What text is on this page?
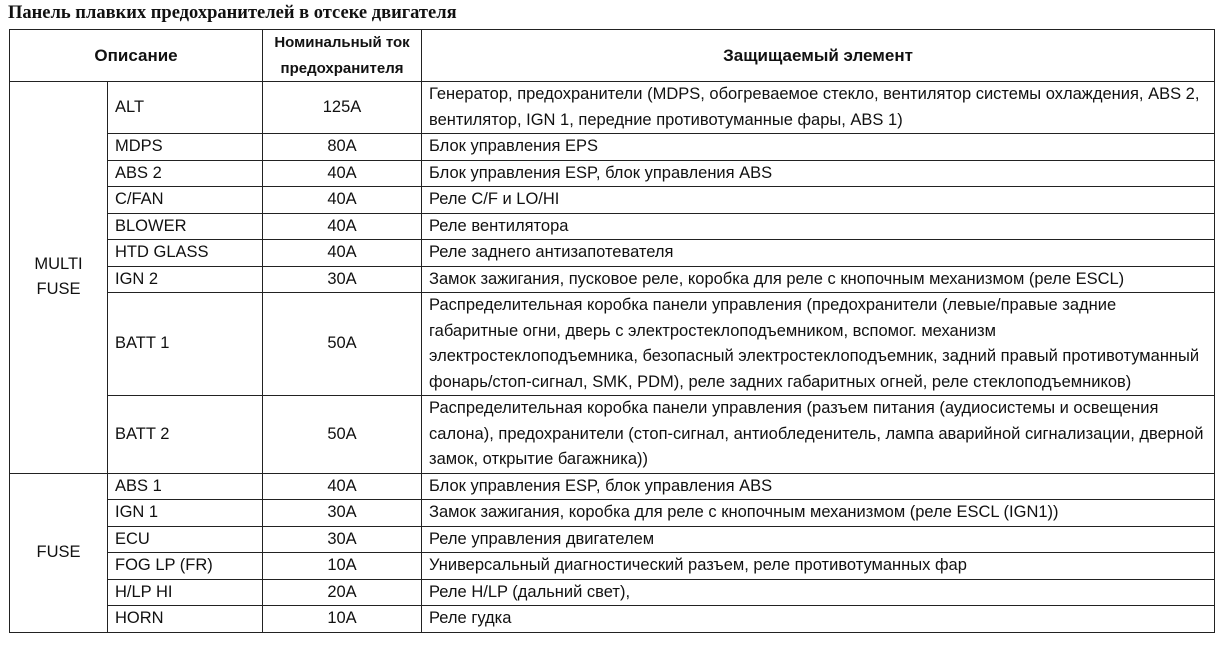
Панель плавких предохранителей в отсеке двигателя
Описание		Номинальный ток предохранителя	Защищаемый элемент
MULTI FUSE	ALT	125A	Генератор, предохранители (MDPS, обогреваемое стекло, вентилятор системы охлаждения, ABS 2, вентилятор, IGN 1, передние противотуманные фары, ABS 1)
	MDPS	80A	Блок управления EPS
	ABS 2	40A	Блок управления ESP, блок управления ABS
	C/FAN	40A	Реле C/F и LO/HI
	BLOWER	40A	Реле вентилятора
	HTD GLASS	40A	Реле заднего антизапотевателя
	IGN 2	30A	Замок зажигания, пусковое реле, коробка для реле с кнопочным механизмом (реле ESCL)
	BATT 1	50A	Распределительная коробка панели управления (предохранители (левые/правые задние габаритные огни, дверь с электростеклоподъемником, вспомог. механизм электростеклоподъемника, безопасный электростеклоподъемник, задний правый противотуманный фонарь/стоп-сигнал, SMK, PDM), реле задних габаритных огней, реле стеклоподъемников)
	BATT 2	50A	Распределительная коробка панели управления (разъем питания (аудиосистемы и освещения салона), предохранители (стоп-сигнал, антиобледенитель, лампа аварийной сигнализации, дверной замок, открытие багажника))
FUSE	ABS 1	40A	Блок управления ESP, блок управления ABS
	IGN 1	30A	Замок зажигания, коробка для реле с кнопочным механизмом (реле ESCL (IGN1))
	ECU	30A	Реле управления двигателем
	FOG LP (FR)	10A	Универсальный диагностический разъем, реле противотуманных фар
	H/LP HI	20A	Реле H/LP (дальний свет),
	HORN	10A	Реле гудка
